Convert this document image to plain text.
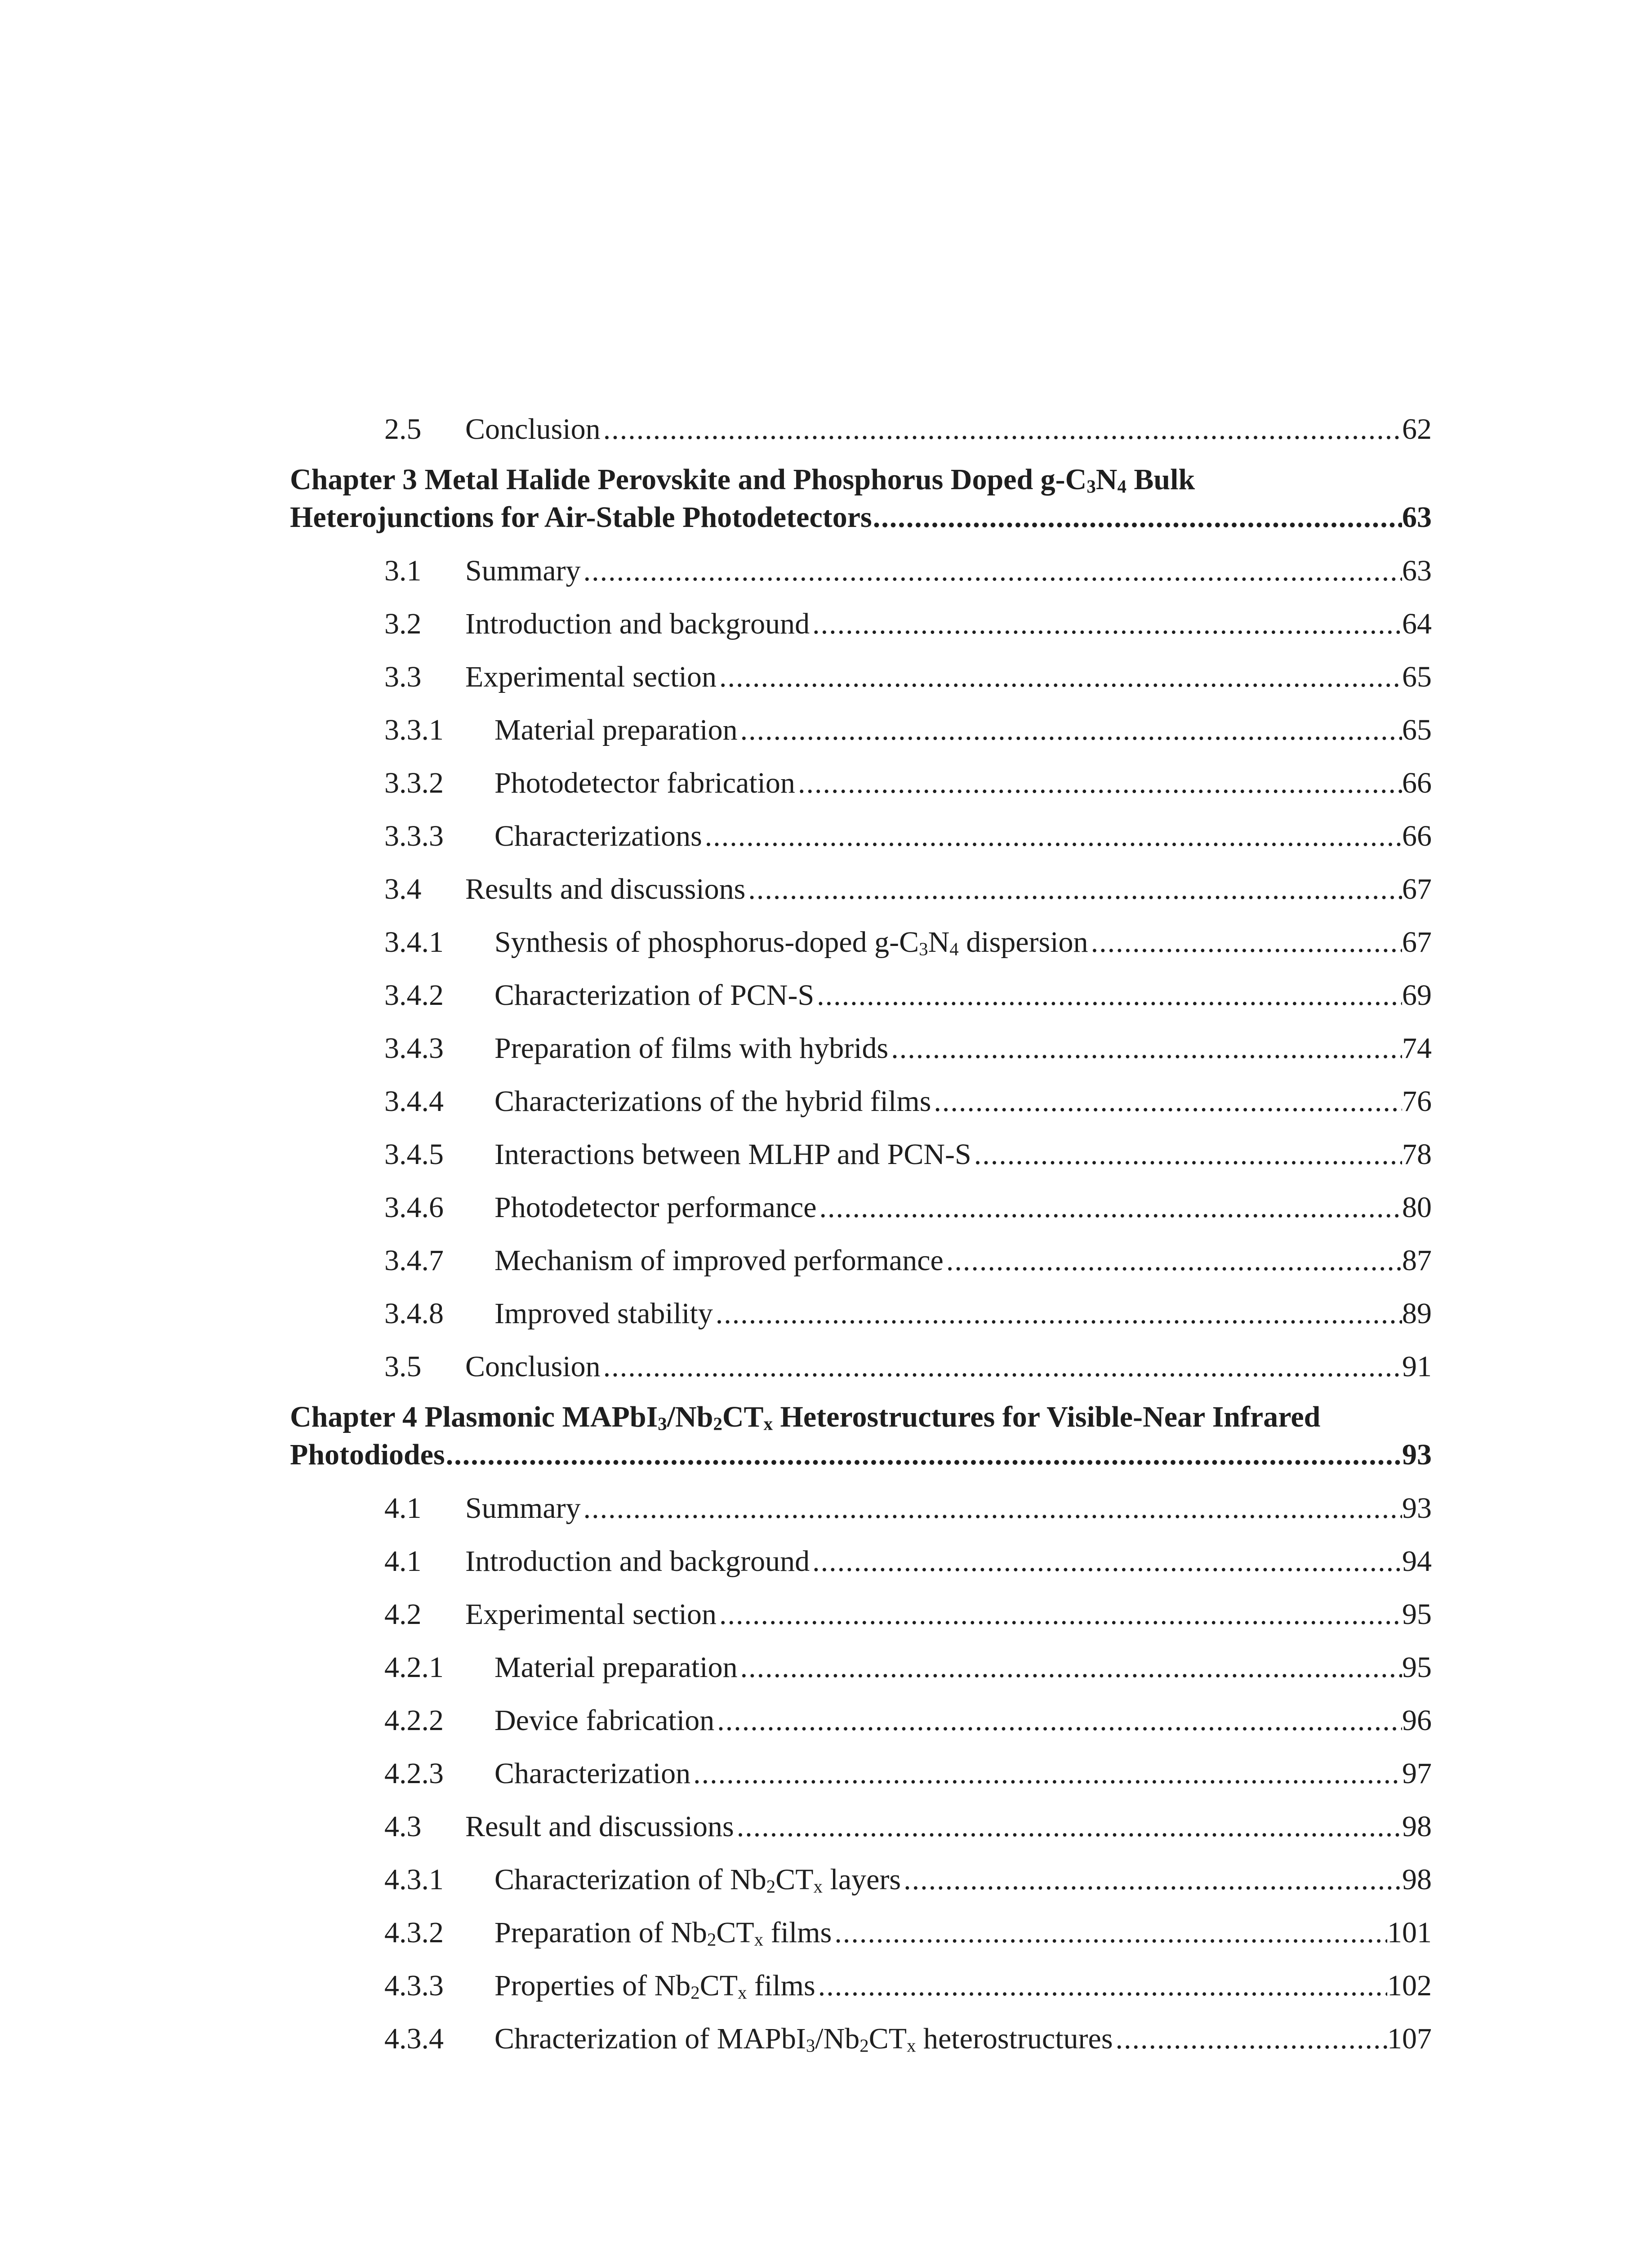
2.5 Conclusion .....	62
Chapter 3 Metal Halide Perovskite and Phosphorus Doped $g-C_3N_4$ Bulk
Heterojunctions for Air-Stable Photodetectors .....	63
3.1 Summary .....	63
3.2 Introduction and background .....	64
3.3 Experimental section .....	65
3.3.1 Material preparation .....	65
3.3.2 Photodetector fabrication .....	66
3.3.3 Characterizations .....	66
3.4 Results and discussions .....	67
3.4.1 Synthesis of phosphorus-doped $g-C_3N_4$ dispersion .....	67
3.4.2 Characterization of PCN-S .....	69
3.4.3 Preparation of films with hybrids .....	74
3.4.4 Characterizations of the hybrid films .....	76
3.4.5 Interactions between MLHP and PCN-S .....	78
3.4.6 Photodetector performance .....	80
3.4.7 Mechanism of improved performance .....	87
3.4.8 Improved stability .....	89
3.5 Conclusion .....	91
Chapter 4 Plasmonic $MAPbI_3/Nb_2CT_x$ Heterostructures for Visible-Near Infrared
Photodiodes .....	93
4.1 Summary .....	93
4.1 Introduction and background .....	94
4.2 Experimental section .....	95
4.2.1 Material preparation .....	95
4.2.2 Device fabrication .....	96
4.2.3 Characterization .....	97
4.3 Result and discussions .....	98
4.3.1 Characterization of $Nb_2CT_x$ layers .....	98
4.3.2 Preparation of $Nb_2CT_x$ films .....	101
4.3.3 Properties of $Nb_2CT_x$ films .....	102
4.3.4 Chracterization of $MAPbI_3/Nb_2CT_x$ heterostructures .....	107
